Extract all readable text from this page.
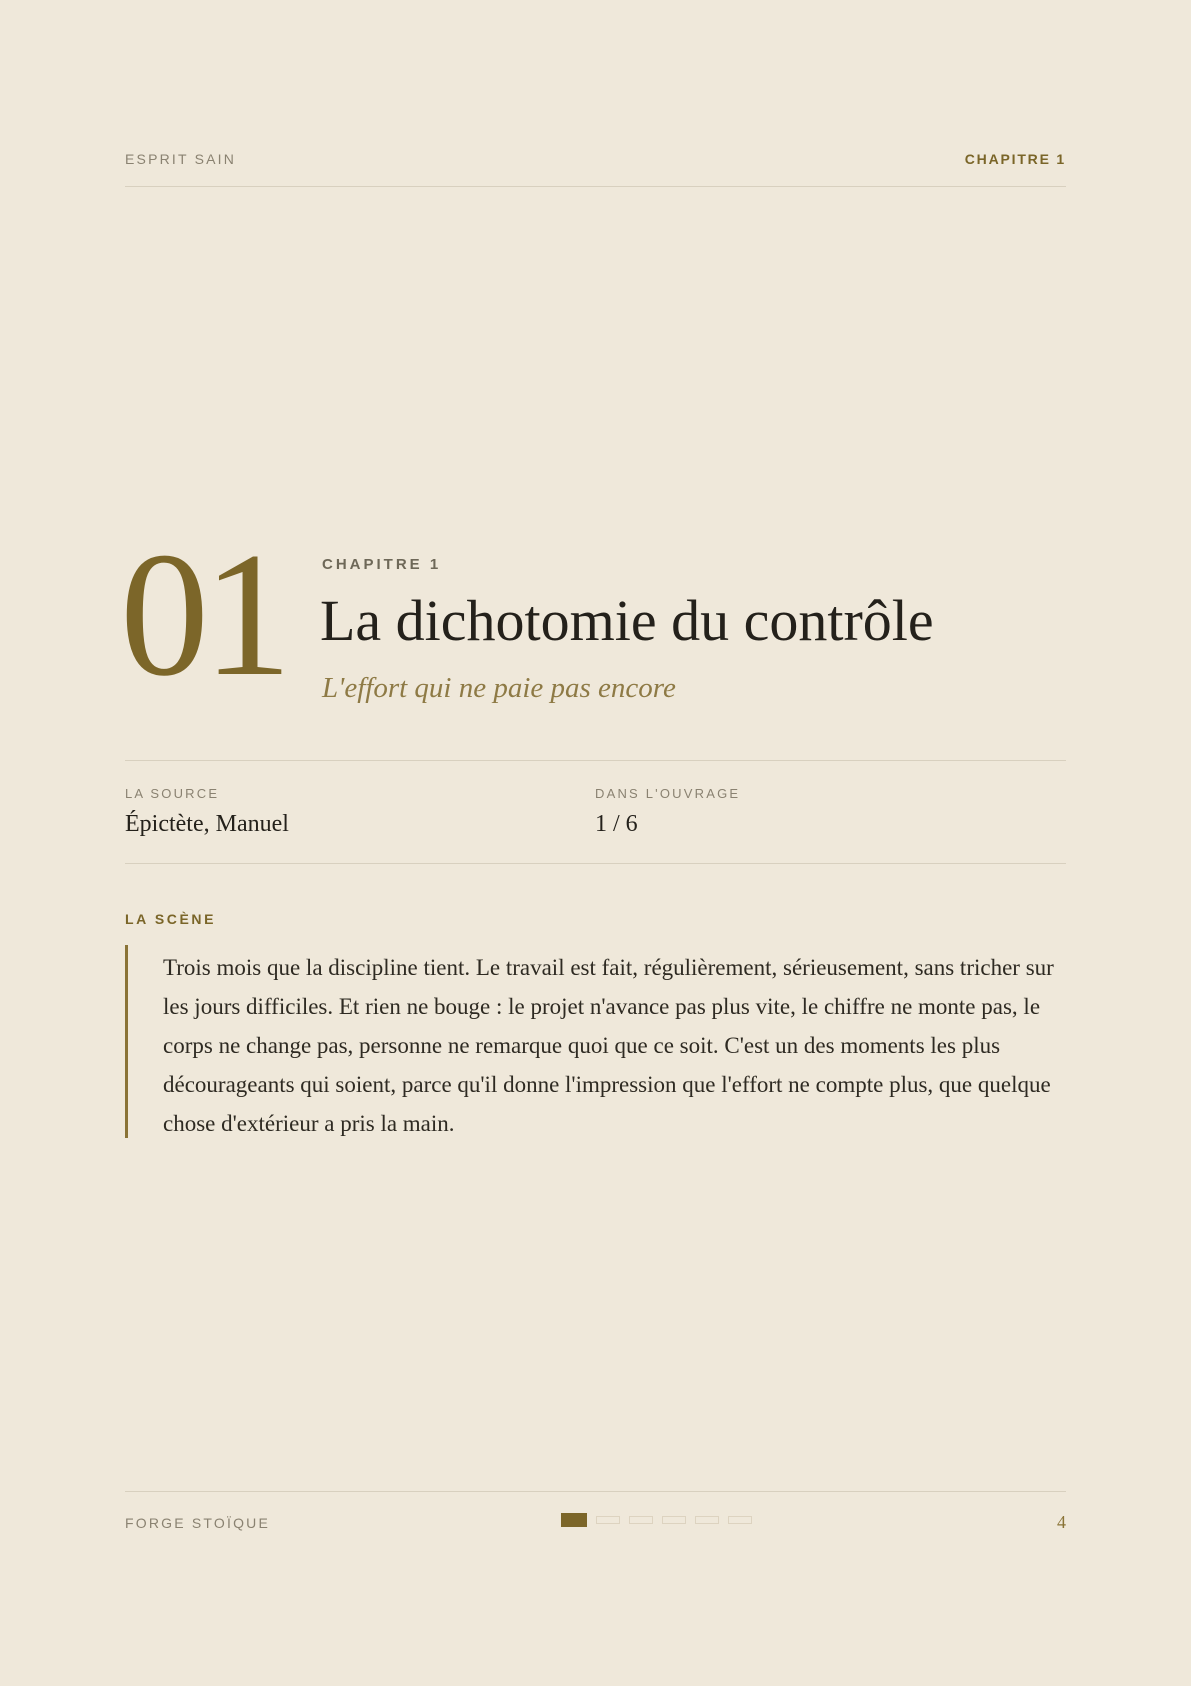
ESPRIT SAIN	CHAPITRE 1
01 CHAPITRE 1
La dichotomie du contrôle
L'effort qui ne paie pas encore
LA SOURCE
Épictète, Manuel
DANS L'OUVRAGE
1 / 6
LA SCÈNE

Trois mois que la discipline tient. Le travail est fait, régulièrement, sérieusement, sans tricher sur les jours difficiles. Et rien ne bouge : le projet n'avance pas plus vite, le chiffre ne monte pas, le corps ne change pas, personne ne remarque quoi que ce soit. C'est un des moments les plus décourageants qui soient, parce qu'il donne l'impression que l'effort ne compte plus, que quelque chose d'extérieur a pris la main.

FORGE STOÏQUE	4
